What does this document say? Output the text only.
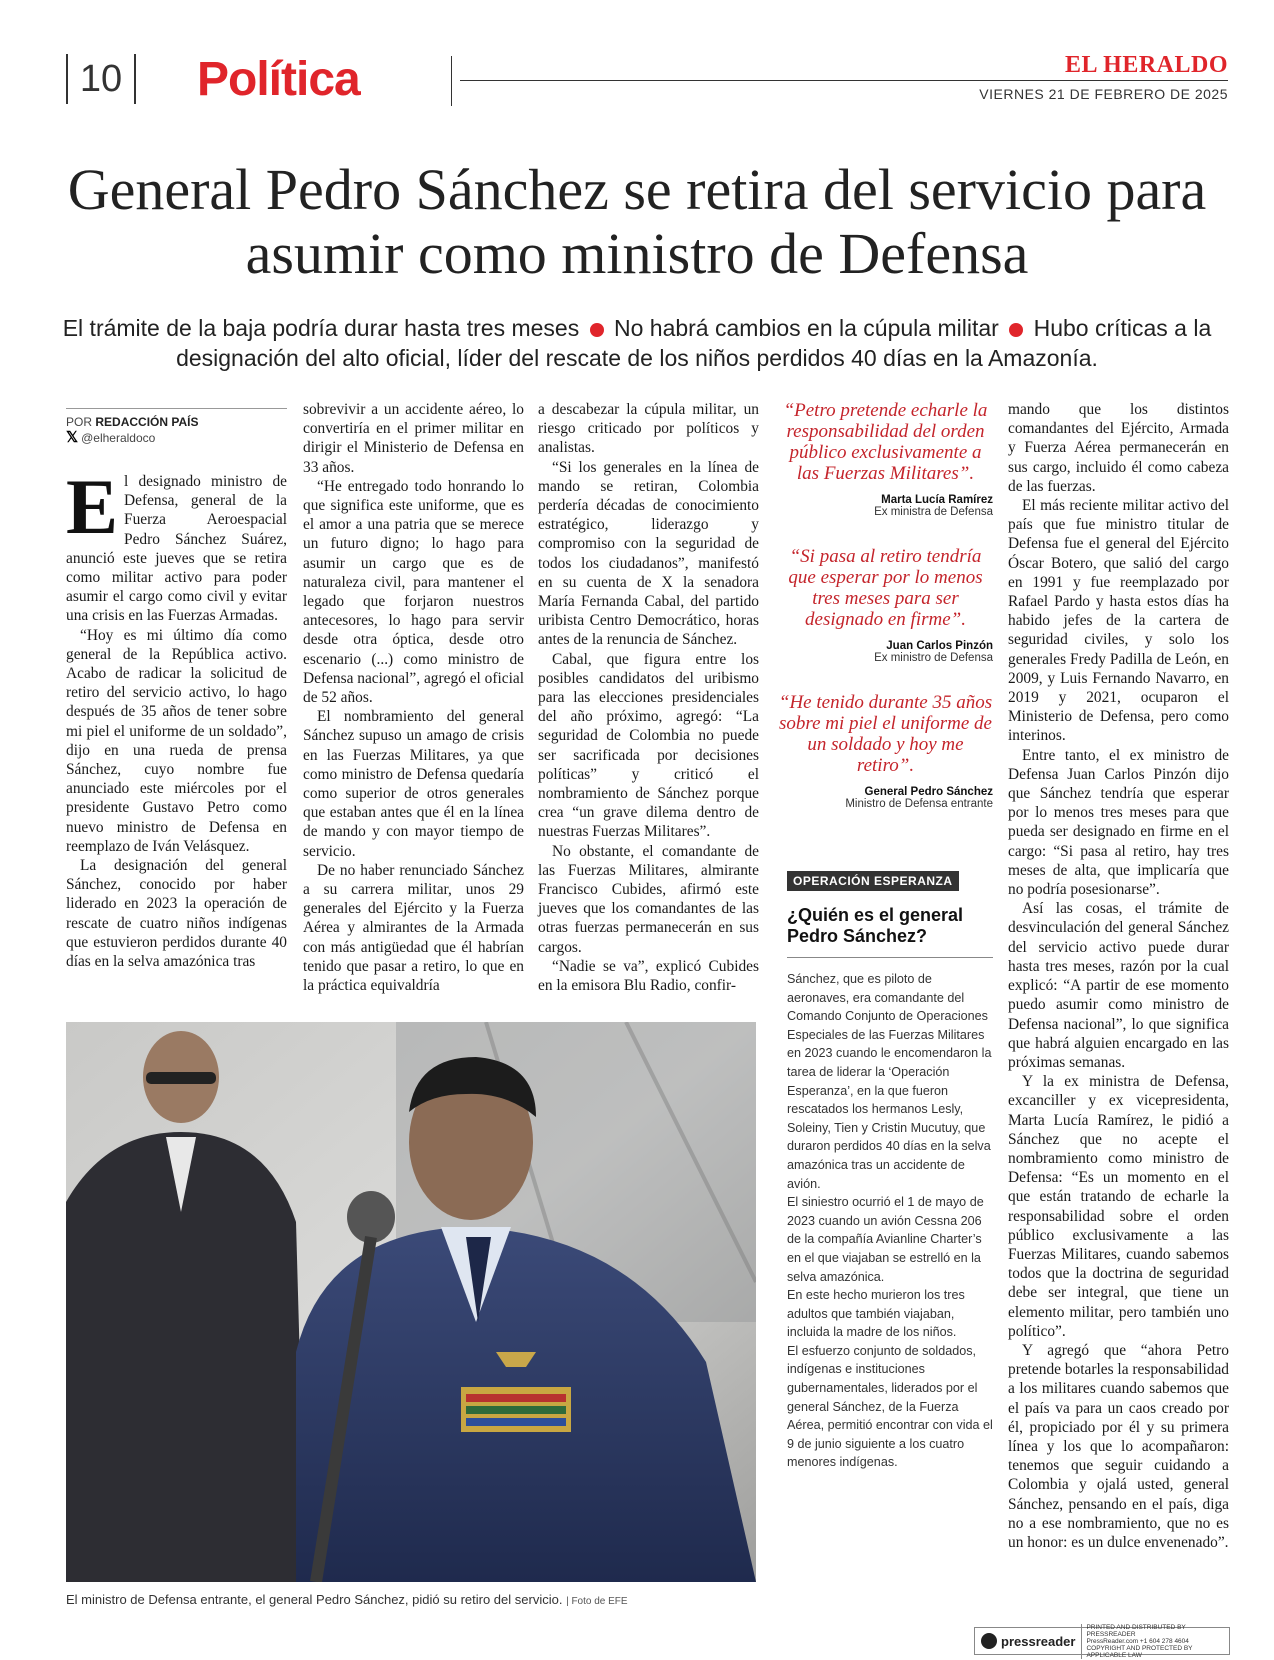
10 Política	EL HERALDO
VIERNES 21 DE FEBRERO DE 2025
General Pedro Sánchez se retira del servicio para asumir como ministro de Defensa
El trámite de la baja podría durar hasta tres meses No habrá cambios en la cúpula militar Hubo críticas a la designación del alto oficial, líder del rescate de los niños perdidos 40 días en la Amazonía.
POR REDACCIÓN PAÍS
𝕏 @elheraldoco

El designado ministro de Defensa, general de la Fuerza Aeroespacial Pedro Sánchez Suárez, anunció este jueves que se retira como militar activo para poder asumir el cargo como civil y evitar una crisis en las Fuerzas Armadas.

“Hoy es mi último día como general de la República activo. Acabo de radicar la solicitud de retiro del servicio activo, lo hago después de 35 años de tener sobre mi piel el uniforme de un soldado”, dijo en una rueda de prensa Sánchez, cuyo nombre fue anunciado este miércoles por el presidente Gustavo Petro como nuevo ministro de Defensa en reemplazo de Iván Velásquez.

La designación del general Sánchez, conocido por haber liderado en 2023 la operación de rescate de cuatro niños indígenas que estuvieron perdidos durante 40 días en la selva amazónica tras

sobrevivir a un accidente aéreo, lo convertiría en el primer militar en dirigir el Ministerio de Defensa en 33 años.

“He entregado todo honrando lo que significa este uniforme, que es el amor a una patria que se merece un futuro digno; lo hago para asumir un cargo que es de naturaleza civil, para mantener el legado que forjaron nuestros antecesores, lo hago para servir desde otra óptica, desde otro escenario (...) como ministro de Defensa nacional”, agregó el oficial de 52 años.

El nombramiento del general Sánchez supuso un amago de crisis en las Fuerzas Militares, ya que como ministro de Defensa quedaría como superior de otros generales que estaban antes que él en la línea de mando y con mayor tiempo de servicio.

De no haber renunciado Sánchez a su carrera militar, unos 29 generales del Ejército y la Fuerza Aérea y almirantes de la Armada con más antigüedad que él habrían tenido que pasar a retiro, lo que en la práctica equivaldría

a descabezar la cúpula militar, un riesgo criticado por políticos y analistas.

“Si los generales en la línea de mando se retiran, Colombia perdería décadas de conocimiento estratégico, liderazgo y compromiso con la seguridad de todos los ciudadanos”, manifestó en su cuenta de X la senadora María Fernanda Cabal, del partido uribista Centro Democrático, horas antes de la renuncia de Sánchez.

Cabal, que figura entre los posibles candidatos del uribismo para las elecciones presidenciales del año próximo, agregó: “La seguridad de Colombia no puede ser sacrificada por decisiones políticas” y criticó el nombramiento de Sánchez porque crea “un grave dilema dentro de nuestras Fuerzas Militares”.

No obstante, el comandante de las Fuerzas Militares, almirante Francisco Cubides, afirmó este jueves que los comandantes de las otras fuerzas permanecerán en sus cargos.

“Nadie se va”, explicó Cubides en la emisora Blu Radio, confir-

“Petro pretende echarle la responsabilidad del orden público exclusivamente a las Fuerzas Militares”.
Marta Lucía Ramírez
Ex ministra de Defensa
“Si pasa al retiro tendría que esperar por lo menos tres meses para ser designado en firme”.
Juan Carlos Pinzón
Ex ministro de Defensa
“He tenido durante 35 años sobre mi piel el uniforme de un soldado y hoy me retiro”.
General Pedro Sánchez
Ministro de Defensa entrante
OPERACIÓN ESPERANZA
¿Quién es el general Pedro Sánchez?

Sánchez, que es piloto de aeronaves, era comandante del Comando Conjunto de Operaciones Especiales de las Fuerzas Militares en 2023 cuando le encomendaron la tarea de liderar la ‘Operación Esperanza’, en la que fueron rescatados los hermanos Lesly, Soleiny, Tien y Cristin Mucutuy, que duraron perdidos 40 días en la selva amazónica tras un accidente de avión.

El siniestro ocurrió el 1 de mayo de 2023 cuando un avión Cessna 206 de la compañía Avianline Charter’s en el que viajaban se estrelló en la selva amazónica.

En este hecho murieron los tres adultos que también viajaban, incluida la madre de los niños.

El esfuerzo conjunto de soldados, indígenas e instituciones gubernamentales, liderados por el general Sánchez, de la Fuerza Aérea, permitió encontrar con vida el 9 de junio siguiente a los cuatro menores indígenas.

mando que los distintos comandantes del Ejército, Armada y Fuerza Aérea permanecerán en sus cargo, incluido él como cabeza de las fuerzas.

El más reciente militar activo del país que fue ministro titular de Defensa fue el general del Ejército Óscar Botero, que salió del cargo en 1991 y fue reemplazado por Rafael Pardo y hasta estos días ha habido jefes de la cartera de seguridad civiles, y solo los generales Fredy Padilla de León, en 2009, y Luis Fernando Navarro, en 2019 y 2021, ocuparon el Ministerio de Defensa, pero como interinos.

Entre tanto, el ex ministro de Defensa Juan Carlos Pinzón dijo que Sánchez tendría que esperar por lo menos tres meses para que pueda ser designado en firme en el cargo: “Si pasa al retiro, hay tres meses de alta, que implicaría que no podría posesionarse”.

Así las cosas, el trámite de desvinculación del general Sánchez del servicio activo puede durar hasta tres meses, razón por la cual explicó: “A partir de ese momento puedo asumir como ministro de Defensa nacional”, lo que significa que habrá alguien encargado en las próximas semanas.

Y la ex ministra de Defensa, excanciller y ex vicepresidenta, Marta Lucía Ramírez, le pidió a Sánchez que no acepte el nombramiento como ministro de Defensa: “Es un momento en el que están tratando de echarle la responsabilidad sobre el orden público exclusivamente a las Fuerzas Militares, cuando sabemos todos que la doctrina de seguridad debe ser integral, que tiene un elemento militar, pero también uno político”.

Y agregó que “ahora Petro pretende botarles la responsabilidad a los militares cuando sabemos que el país va para un caos creado por él, propiciado por él y su primera línea y los que lo acompañaron: tenemos que seguir cuidando a Colombia y ojalá usted, general Sánchez, pensando en el país, diga no a ese nombramiento, que no es un honor: es un dulce envenenado”.

El ministro de Defensa entrante, el general Pedro Sánchez, pidió su retiro del servicio. | Foto de EFE
pressreader
PRINTED AND DISTRIBUTED BY PRESSREADER
PressReader.com +1 604 278 4604
COPYRIGHT AND PROTECTED BY APPLICABLE LAW
